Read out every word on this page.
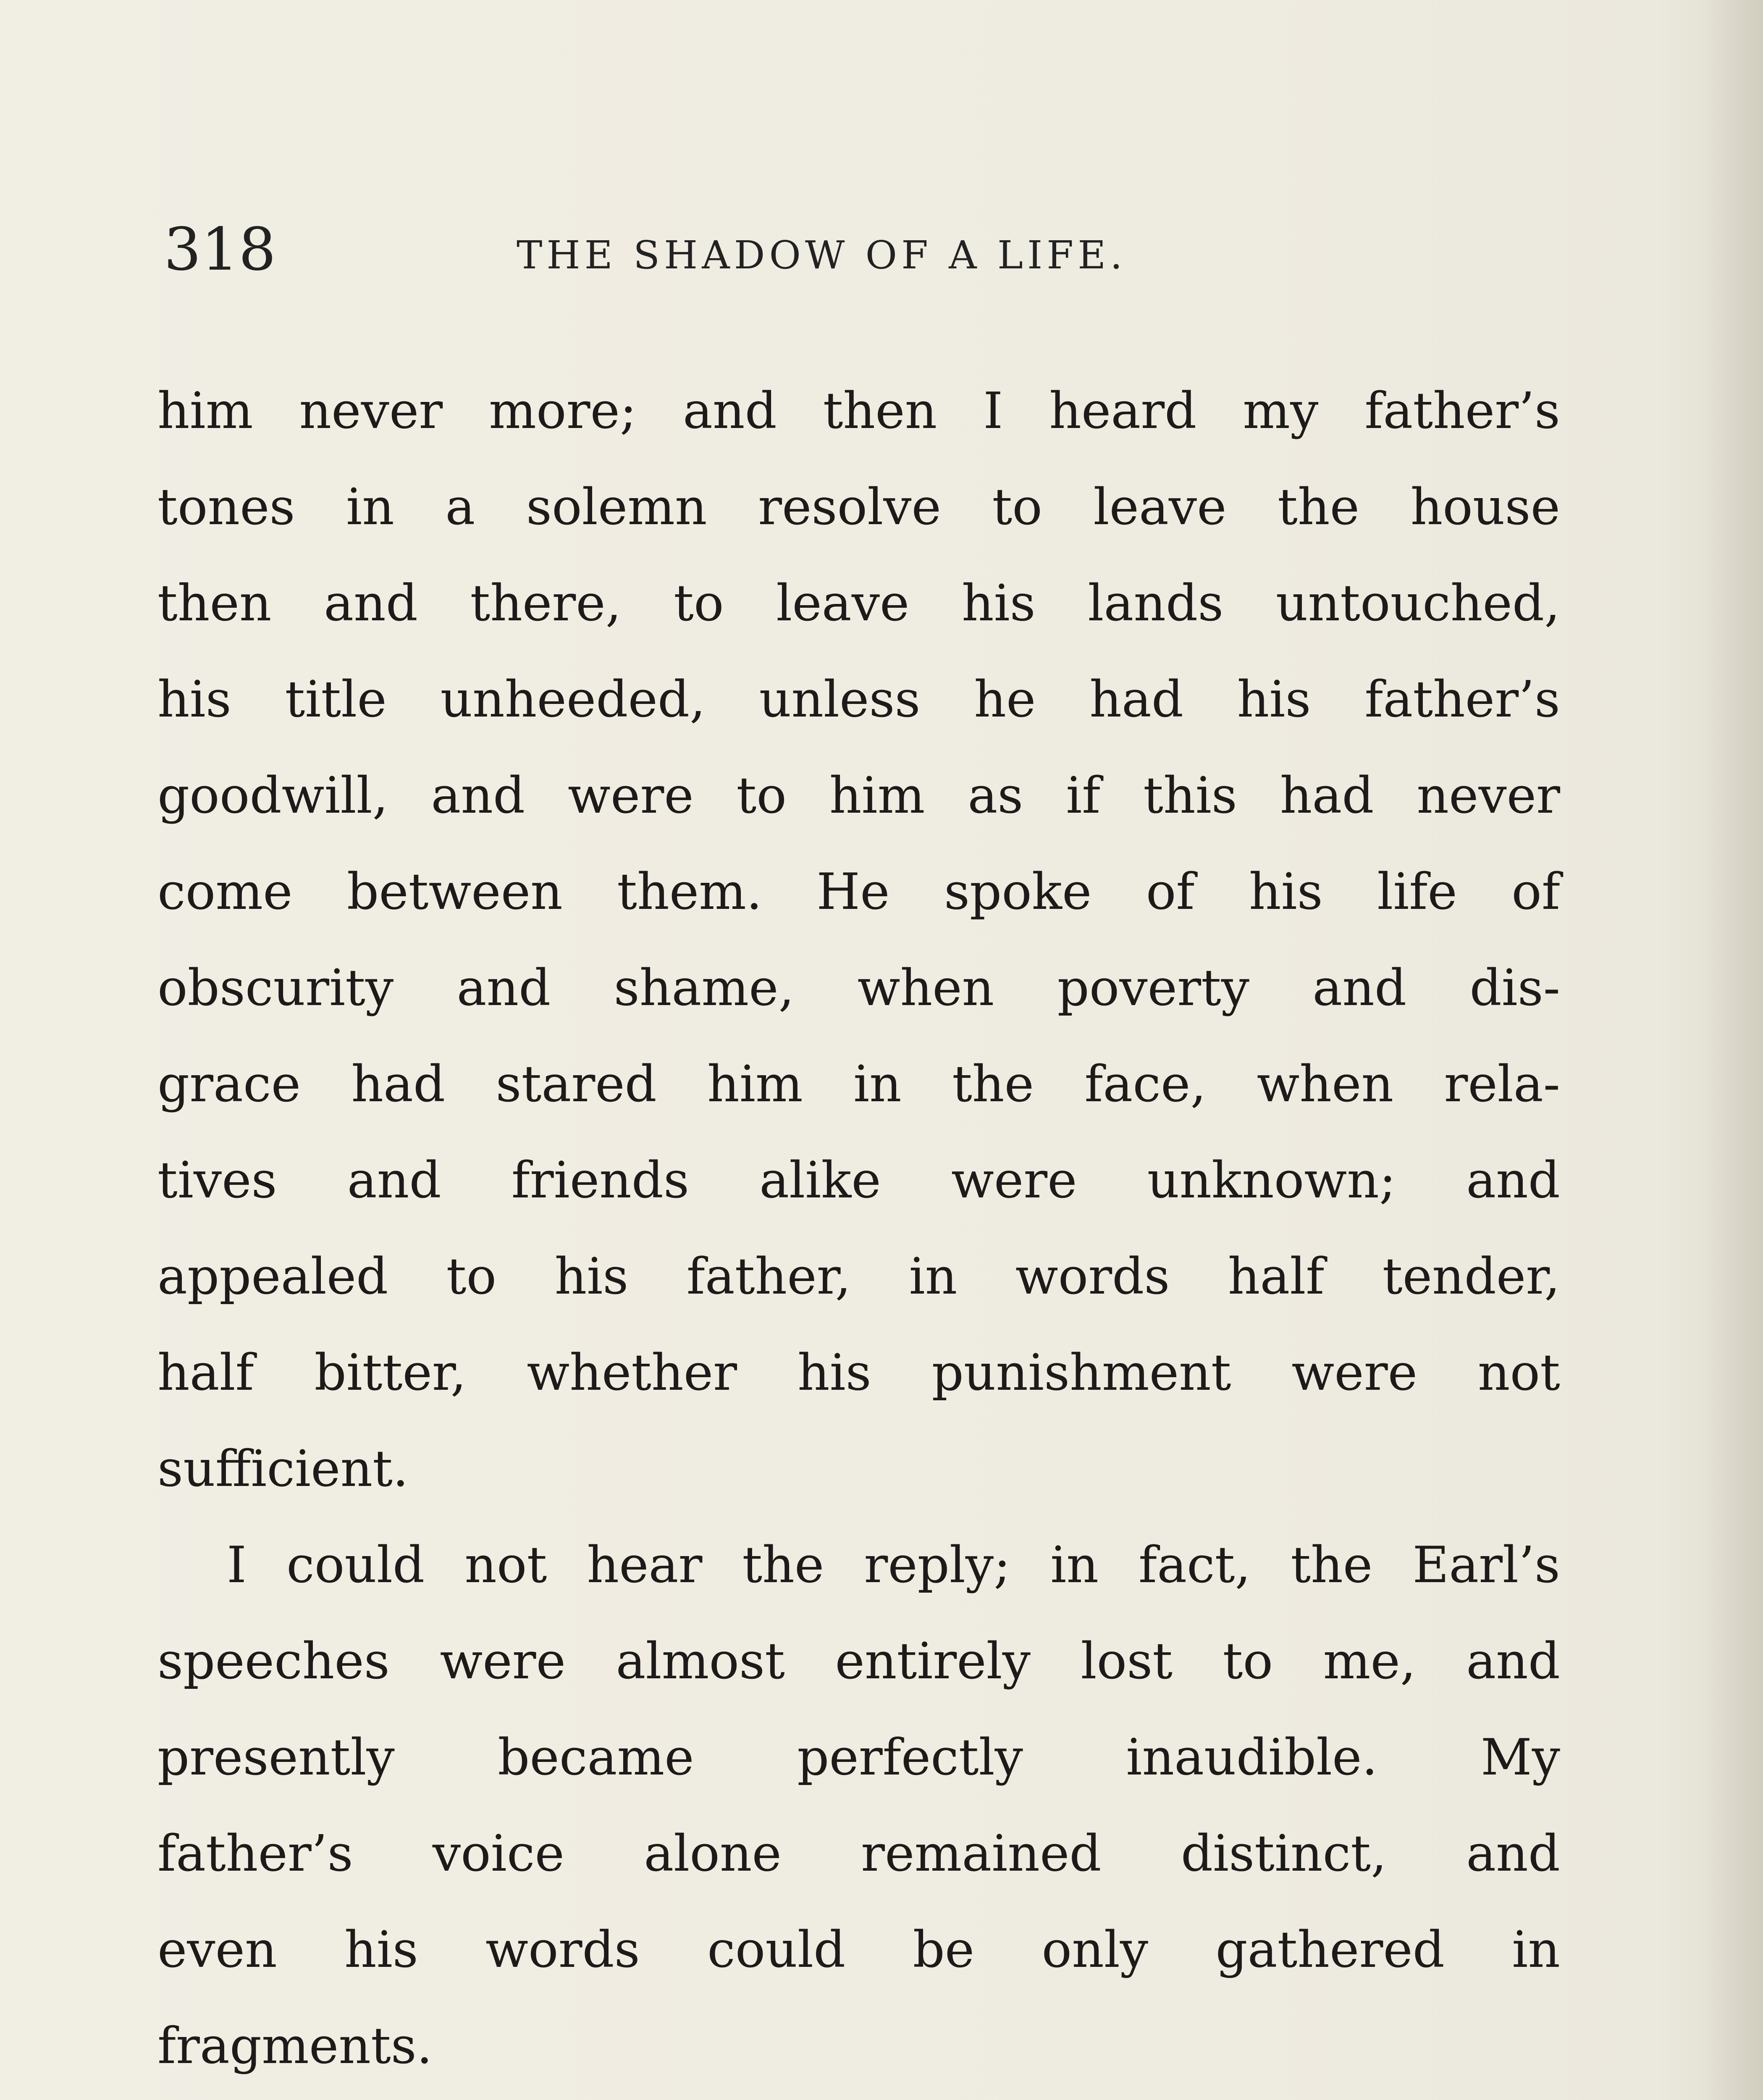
318	THE SHADOW OF A LIFE.
him never more; and then I heard my father’s
tones in a solemn resolve to leave the house
then and there, to leave his lands untouched,
his title unheeded, unless he had his father’s
goodwill, and were to him as if this had never
come between them. He spoke of his life of
obscurity and shame, when poverty and dis-
grace had stared him in the face, when rela-
tives and friends alike were unknown; and
appealed to his father, in words half tender,
half bitter, whether his punishment were not
sufficient.
I could not hear the reply; in fact, the Earl’s
speeches were almost entirely lost to me, and
presently became perfectly inaudible. My
father’s voice alone remained distinct, and
even his words could be only gathered in
fragments.
